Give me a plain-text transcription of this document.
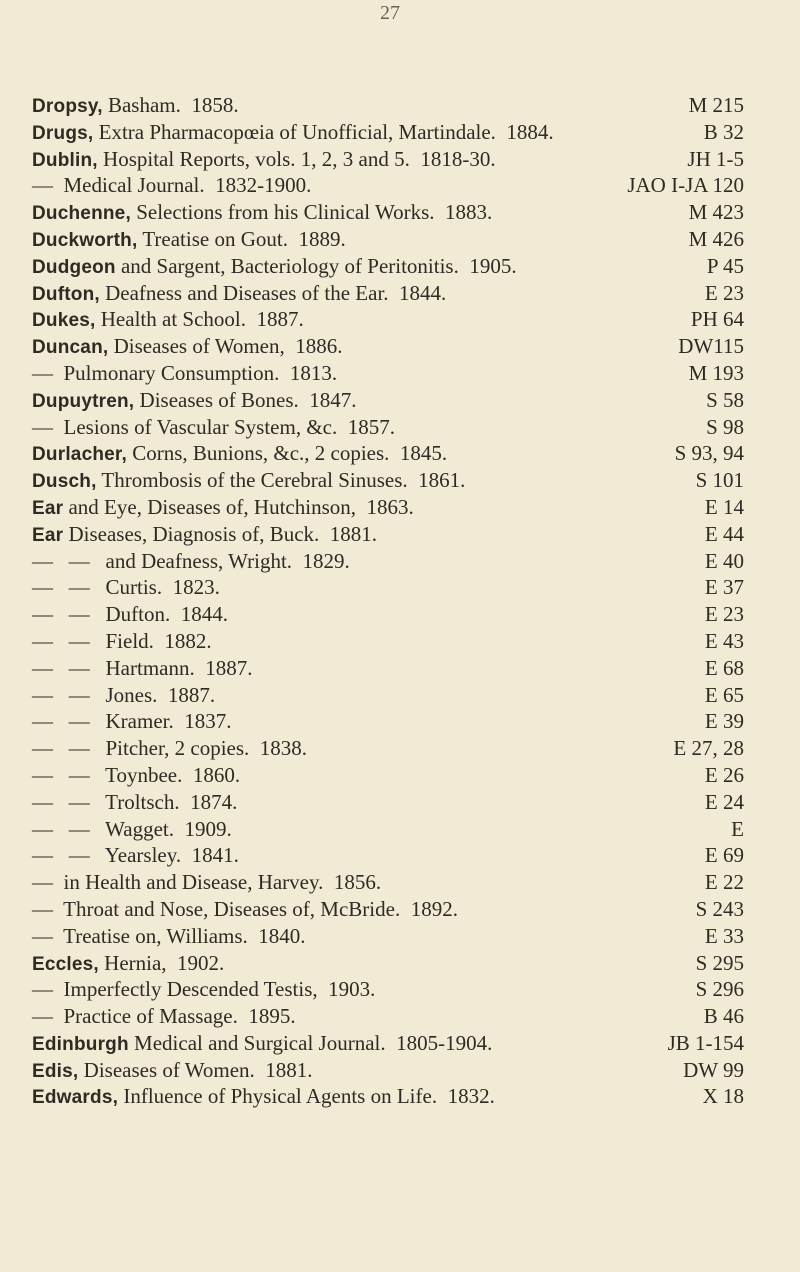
27
Dropsy, Basham.  1858.	M 215
Drugs, Extra Pharmacopœia of Unofficial, Martindale.  1884.	B 32
Dublin, Hospital Reports, vols. 1, 2, 3 and 5.  1818-30.	JH 1-5
—  Medical Journal.  1832-1900.	JAO I-JA 120
Duchenne, Selections from his Clinical Works.  1883.	M 423
Duckworth, Treatise on Gout.  1889.	M 426
Dudgeon and Sargent, Bacteriology of Peritonitis.  1905.	P 45
Dufton, Deafness and Diseases of the Ear.  1844.	E 23
Dukes, Health at School.  1887.	PH 64
Duncan, Diseases of Women,  1886.	DW115
—  Pulmonary Consumption.  1813.	M 193
Dupuytren, Diseases of Bones.  1847.	S 58
—  Lesions of Vascular System, &c.  1857.	S 98
Durlacher, Corns, Bunions, &c., 2 copies.  1845.	S 93, 94
Dusch, Thrombosis of the Cerebral Sinuses.  1861.	S 101
Ear and Eye, Diseases of, Hutchinson,  1863.	E 14
Ear Diseases, Diagnosis of, Buck.  1881.	E 44
—   —   and Deafness, Wright.  1829.	E 40
—   —   Curtis.  1823.	E 37
—   —   Dufton.  1844.	E 23
—   —   Field.  1882.	E 43
—   —   Hartmann.  1887.	E 68
—   —   Jones.  1887.	E 65
—   —   Kramer.  1837.	E 39
—   —   Pitcher, 2 copies.  1838.	E 27, 28
—   —   Toynbee.  1860.	E 26
—   —   Troltsch.  1874.	E 24
—   —   Wagget.  1909.	E
—   —   Yearsley.  1841.	E 69
—  in Health and Disease, Harvey.  1856.	E 22
—  Throat and Nose, Diseases of, McBride.  1892.	S 243
—  Treatise on, Williams.  1840.	E 33
Eccles, Hernia,  1902.	S 295
—  Imperfectly Descended Testis,  1903.	S 296
—  Practice of Massage.  1895.	B 46
Edinburgh Medical and Surgical Journal.  1805-1904.	JB 1-154
Edis, Diseases of Women.  1881.	DW 99
Edwards, Influence of Physical Agents on Life.  1832.	X 18
